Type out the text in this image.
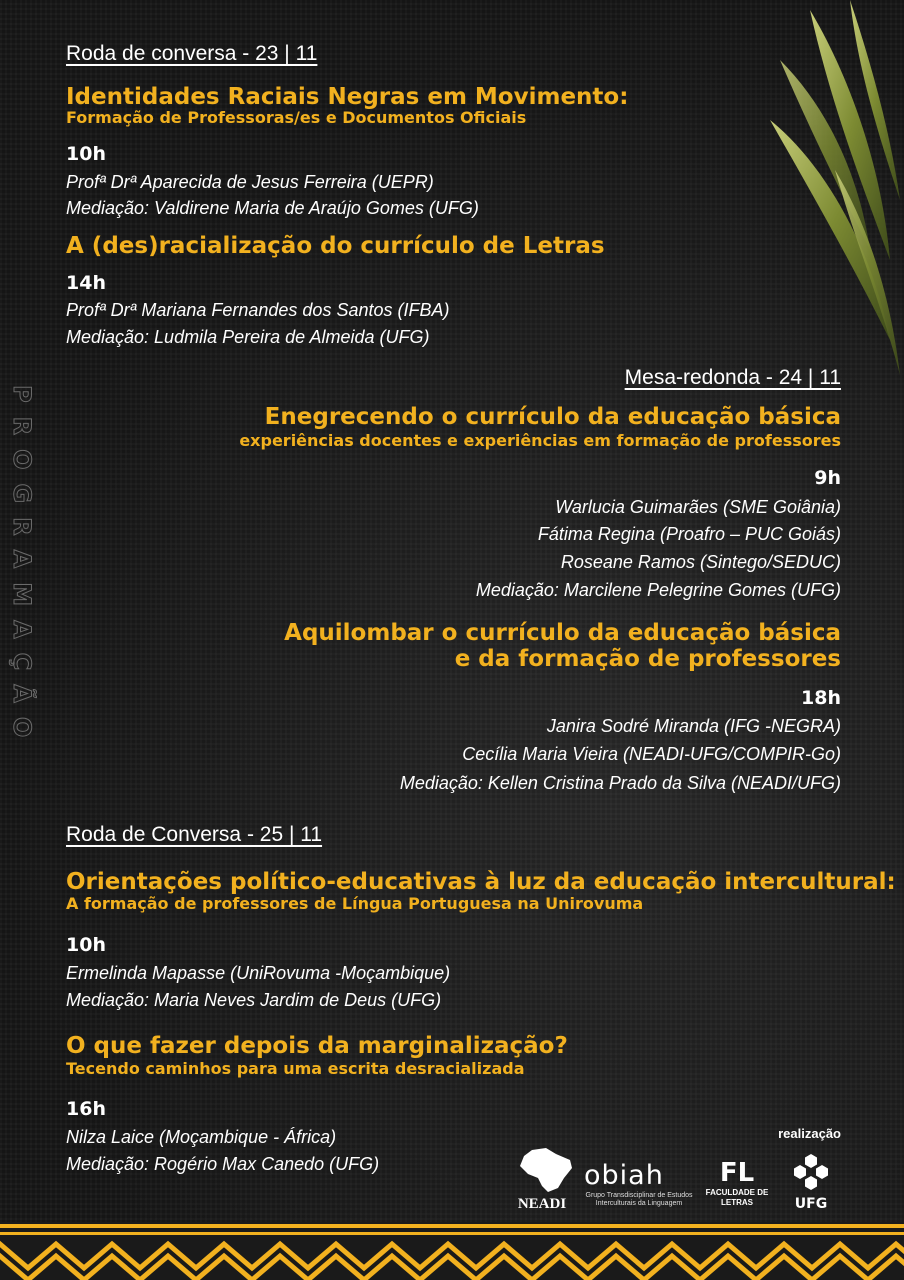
PROGRAMAÇÃO
Roda de conversa - 23 | 11
Identidades Raciais Negras em Movimento:
Formação de Professoras/es e Documentos Oficiais
10h
Profª Drª Aparecida de Jesus Ferreira (UEPR)
Mediação: Valdirene Maria de Araújo Gomes (UFG)
A (des)racialização do currículo de Letras
14h
Profª Drª Mariana Fernandes dos Santos (IFBA)
Mediação: Ludmila Pereira de Almeida (UFG)
Mesa-redonda - 24 | 11
Enegrecendo o currículo da educação básica
experiências docentes e experiências em formação de professores
9h
Warlucia Guimarães (SME Goiânia)
Fátima Regina (Proafro – PUC Goiás)
Roseane Ramos (Sintego/SEDUC)
Mediação: Marcilene Pelegrine Gomes (UFG)
Aquilombar o currículo da educação básica
e da formação de professores
18h
Janira Sodré Miranda (IFG -NEGRA)
Cecília Maria Vieira (NEADI-UFG/COMPIR-Go)
Mediação: Kellen Cristina Prado da Silva (NEADI/UFG)
Roda de Conversa - 25 | 11
Orientações político-educativas à luz da educação intercultural:
A formação de professores de Língua Portuguesa na Unirovuma
10h
Ermelinda Mapasse (UniRovuma -Moçambique)
Mediação: Maria Neves Jardim de Deus (UFG)
O que fazer depois da marginalização?
Tecendo caminhos para uma escrita desracializada
16h
Nilza Laice (Moçambique - África)
Mediação: Rogério Max Canedo (UFG)
realização
NEADI
obiah
Grupo Transdisciplinar de Estudos Interculturais da Linguagem
FL
FACULDADE DE
LETRAS	UFG
